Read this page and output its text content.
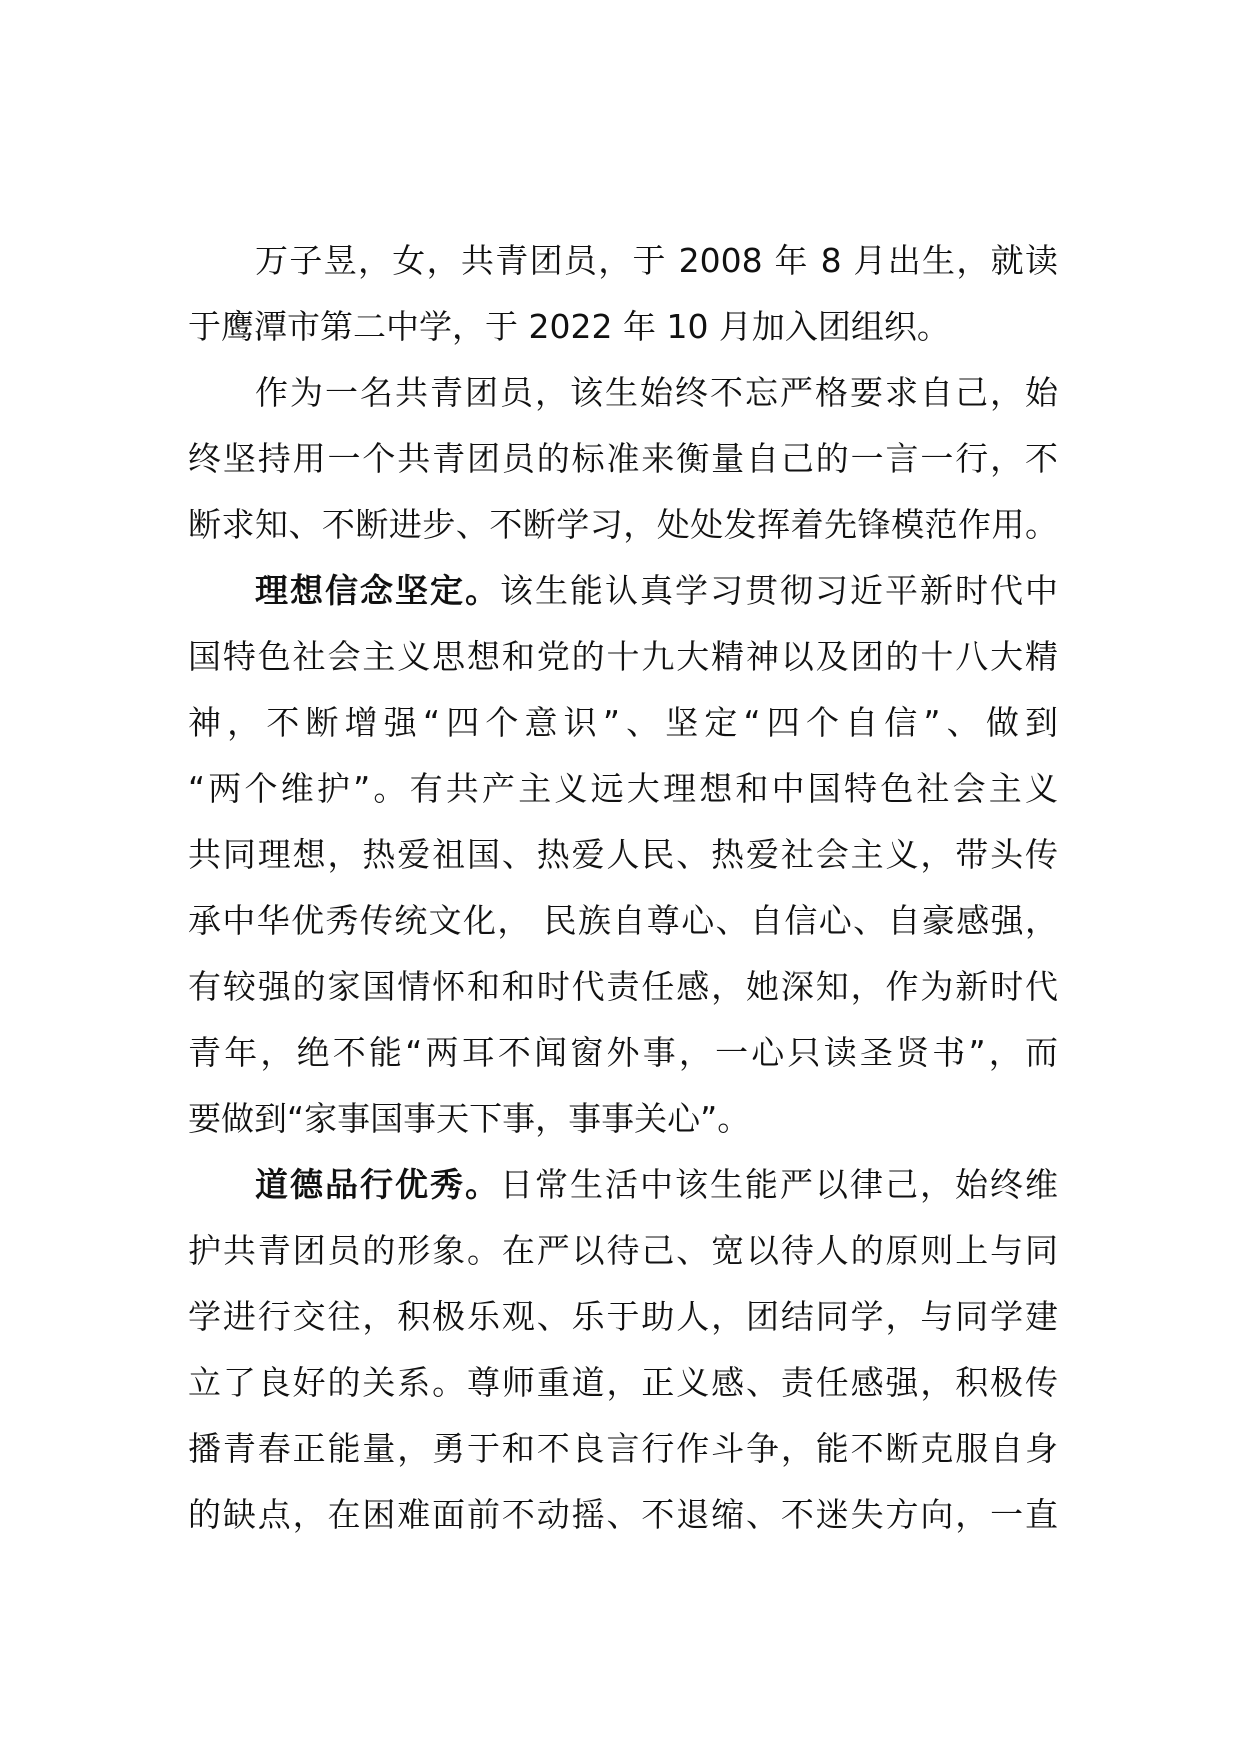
万子昱，女，共青团员，于 2008 年 8 月出生，就读
于鹰潭市第二中学，于 2022 年 10 月加入团组织。
作为一名共青团员，该生始终不忘严格要求自己，始
终坚持用一个共青团员的标准来衡量自己的一言一行，不
断求知、不断进步、不断学习，处处发挥着先锋模范作用。
理想信念坚定。该生能认真学习贯彻习近平新时代中
国特色社会主义思想和党的十九大精神以及团的十八大精
神，不断增强“四个意识”、坚定“四个自信”、做到
“两个维护”。有共产主义远大理想和中国特色社会主义
共同理想，热爱祖国、热爱人民、热爱社会主义，带头传
承中华优秀传统文化， 民族自尊心、自信心、自豪感强，
有较强的家国情怀和和时代责任感，她深知，作为新时代
青年，绝不能“两耳不闻窗外事，一心只读圣贤书”，而
要做到“家事国事天下事，事事关心”。
道德品行优秀。日常生活中该生能严以律己，始终维
护共青团员的形象。在严以待己、宽以待人的原则上与同
学进行交往，积极乐观、乐于助人，团结同学，与同学建
立了良好的关系。尊师重道，正义感、责任感强，积极传
播青春正能量，勇于和不良言行作斗争，能不断克服自身
的缺点，在困难面前不动摇、不退缩、不迷失方向，一直
